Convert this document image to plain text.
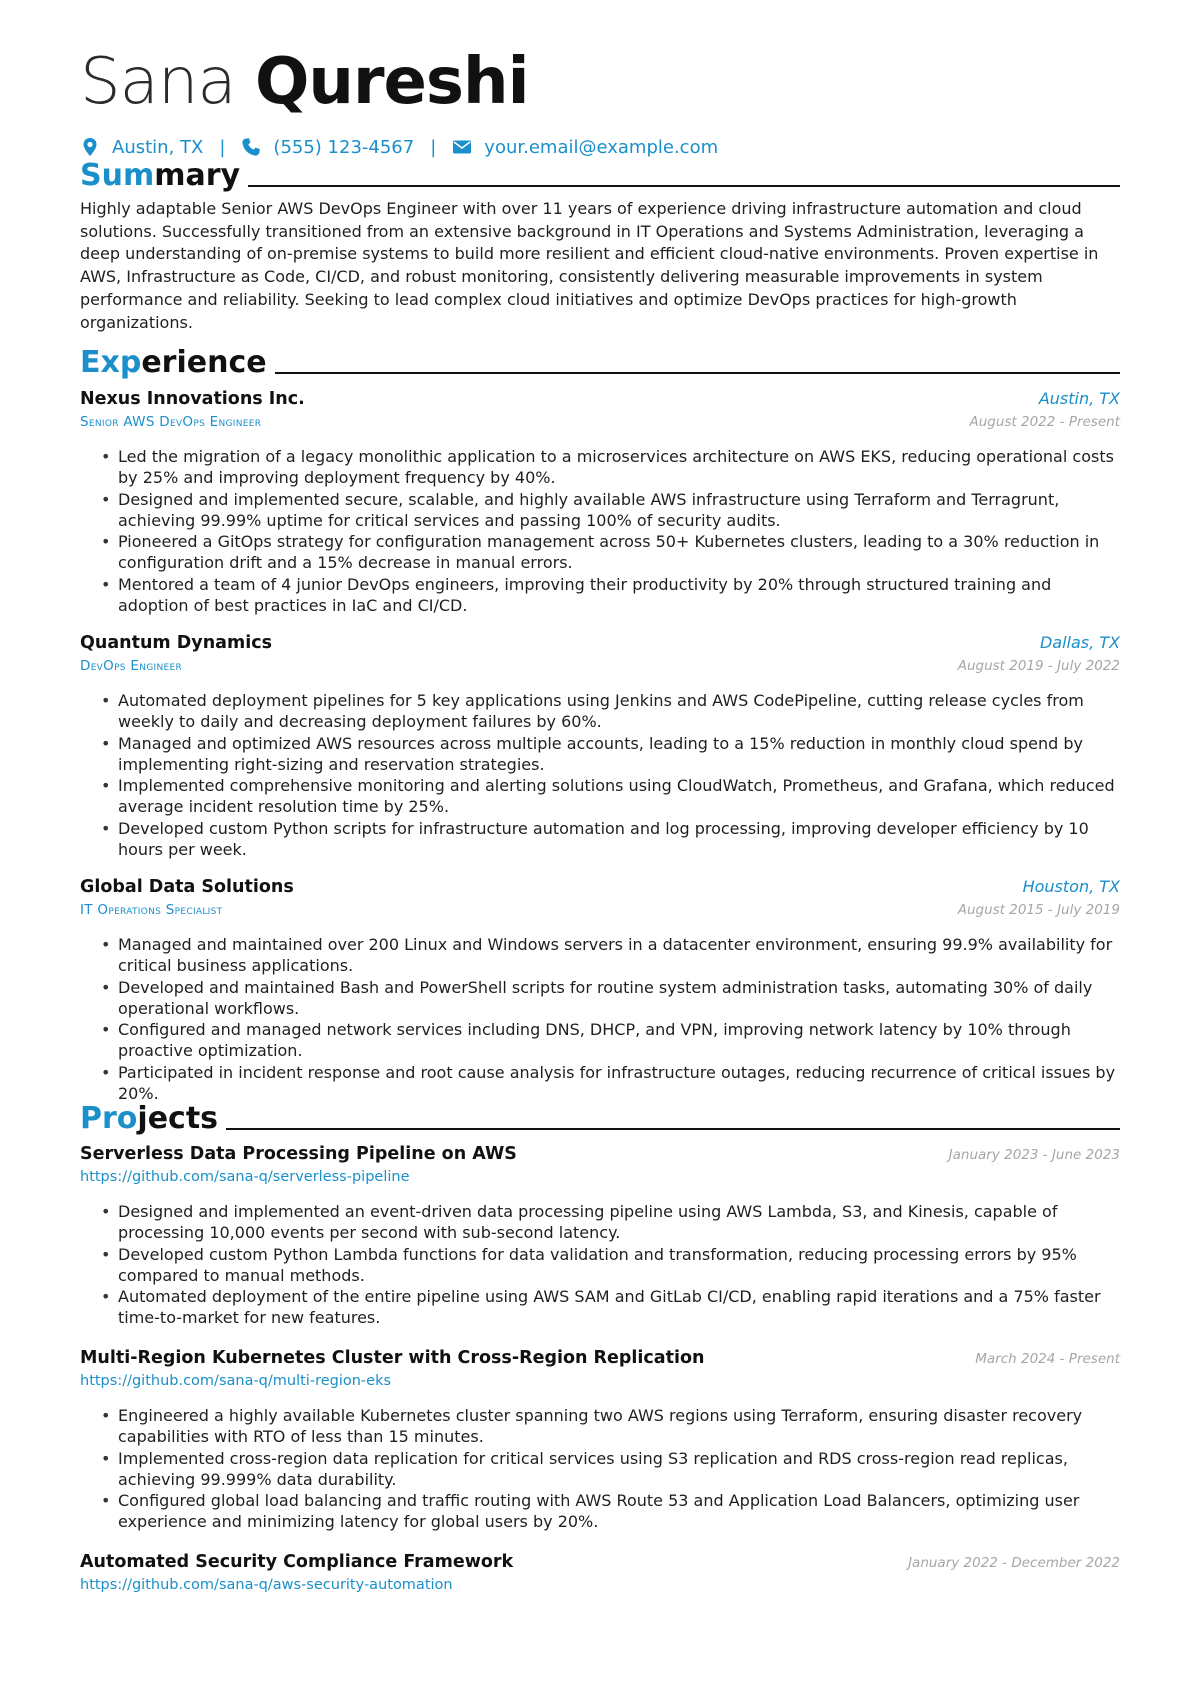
Sana Qureshi
Austin, TX |	(555) 123-4567 |	your.email@example.com
Summary
Highly adaptable Senior AWS DevOps Engineer with over 11 years of experience driving infrastructure automation and cloud solutions. Successfully transitioned from an extensive background in IT Operations and Systems Administration, leveraging a deep understanding of on-premise systems to build more resilient and efficient cloud-native environments. Proven expertise in AWS, Infrastructure as Code, CI/CD, and robust monitoring, consistently delivering measurable improvements in system performance and reliability. Seeking to lead complex cloud initiatives and optimize DevOps practices for high-growth organizations.
Experience
Nexus Innovations Inc.	Austin, TX
Senior AWS DevOps Engineer	August 2022 - Present
• Led the migration of a legacy monolithic application to a microservices architecture on AWS EKS, reducing operational costs by 25% and improving deployment frequency by 40%.
• Designed and implemented secure, scalable, and highly available AWS infrastructure using Terraform and Terragrunt, achieving 99.99% uptime for critical services and passing 100% of security audits.
• Pioneered a GitOps strategy for configuration management across 50+ Kubernetes clusters, leading to a 30% reduction in configuration drift and a 15% decrease in manual errors.
• Mentored a team of 4 junior DevOps engineers, improving their productivity by 20% through structured training and adoption of best practices in IaC and CI/CD.
Quantum Dynamics	Dallas, TX
DevOps Engineer	August 2019 - July 2022
• Automated deployment pipelines for 5 key applications using Jenkins and AWS CodePipeline, cutting release cycles from weekly to daily and decreasing deployment failures by 60%.
• Managed and optimized AWS resources across multiple accounts, leading to a 15% reduction in monthly cloud spend by implementing right-sizing and reservation strategies.
• Implemented comprehensive monitoring and alerting solutions using CloudWatch, Prometheus, and Grafana, which reduced average incident resolution time by 25%.
• Developed custom Python scripts for infrastructure automation and log processing, improving developer efficiency by 10 hours per week.
Global Data Solutions	Houston, TX
IT Operations Specialist	August 2015 - July 2019
• Managed and maintained over 200 Linux and Windows servers in a datacenter environment, ensuring 99.9% availability for critical business applications.
• Developed and maintained Bash and PowerShell scripts for routine system administration tasks, automating 30% of daily operational workflows.
• Configured and managed network services including DNS, DHCP, and VPN, improving network latency by 10% through proactive optimization.
• Participated in incident response and root cause analysis for infrastructure outages, reducing recurrence of critical issues by 20%.
Projects
Serverless Data Processing Pipeline on AWS	January 2023 - June 2023
https://github.com/sana-q/serverless-pipeline
• Designed and implemented an event-driven data processing pipeline using AWS Lambda, S3, and Kinesis, capable of processing 10,000 events per second with sub-second latency.
• Developed custom Python Lambda functions for data validation and transformation, reducing processing errors by 95% compared to manual methods.
• Automated deployment of the entire pipeline using AWS SAM and GitLab CI/CD, enabling rapid iterations and a 75% faster time-to-market for new features.
Multi-Region Kubernetes Cluster with Cross-Region Replication	March 2024 - Present
https://github.com/sana-q/multi-region-eks
• Engineered a highly available Kubernetes cluster spanning two AWS regions using Terraform, ensuring disaster recovery capabilities with RTO of less than 15 minutes.
• Implemented cross-region data replication for critical services using S3 replication and RDS cross-region read replicas, achieving 99.999% data durability.
• Configured global load balancing and traffic routing with AWS Route 53 and Application Load Balancers, optimizing user experience and minimizing latency for global users by 20%.
Automated Security Compliance Framework	January 2022 - December 2022
https://github.com/sana-q/aws-security-automation
